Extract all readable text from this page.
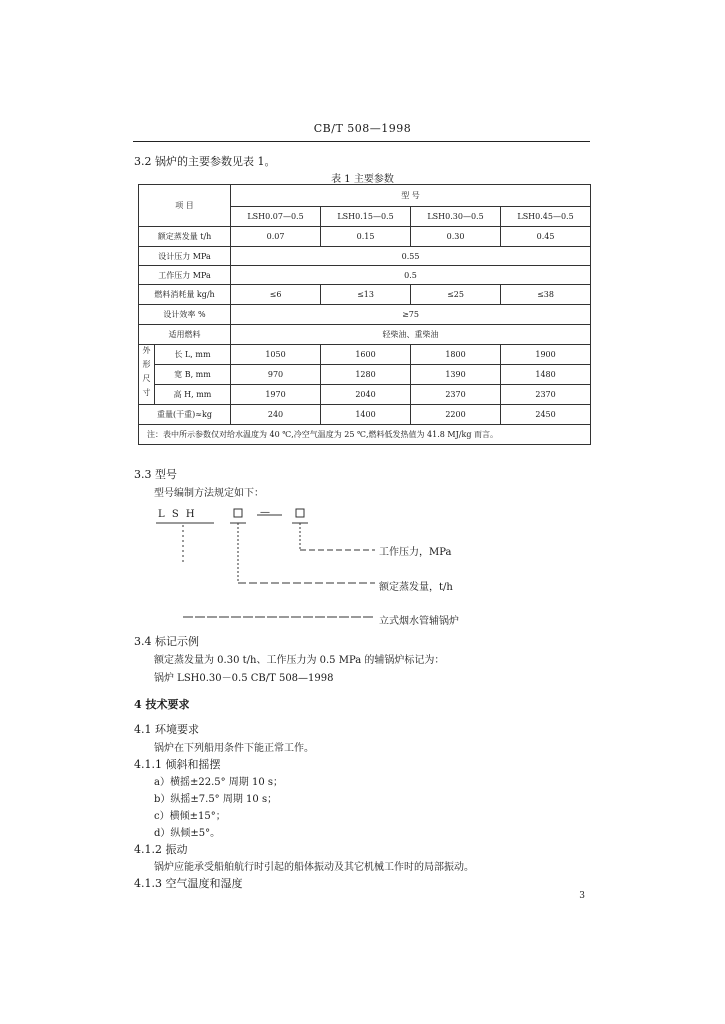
CB/T 508—1998
3.2 锅炉的主要参数见表 1。
表 1 主要参数
项 目		型 号			
		LSH0.07—0.5	LSH0.15—0.5	LSH0.30—0.5	LSH0.45—0.5
额定蒸发量 t/h		0.07	0.15	0.30	0.45
设计压力 MPa		0.55			
工作压力 MPa		0.5			
燃料消耗量 kg/h		≤6	≤13	≤25	≤38
设计效率 %		≥75			
适用燃料		轻柴油、重柴油			
外形尺寸	长 L, mm	1050	1600	1800	1900
	宽 B, mm	970	1280	1390	1480
	高 H, mm	1970	2040	2370	2370
重量(干重)≈kg		240	1400	2200	2450
注：表中所示参数仅对给水温度为 40 ℃,冷空气温度为 25 ℃,燃料低发热值为 41.8 MJ/kg 而言。					
3.3 型号
型号编制方法规定如下：
L S H	—
工作压力，MPa
额定蒸发量，t/h
立式烟水管辅锅炉
3.4 标记示例
额定蒸发量为 0.30 t/h、工作压力为 0.5 MPa 的辅锅炉标记为：
锅炉 LSH0.30－0.5 CB/T 508—1998
4 技术要求
4.1 环境要求
锅炉在下列船用条件下能正常工作。
4.1.1 倾斜和摇摆
a）横摇±22.5° 周期 10 s；
b）纵摇±7.5° 周期 10 s；
c）横倾±15°；
d）纵倾±5°。
4.1.2 振动
锅炉应能承受船舶航行时引起的船体振动及其它机械工作时的局部振动。
4.1.3 空气温度和湿度
3
